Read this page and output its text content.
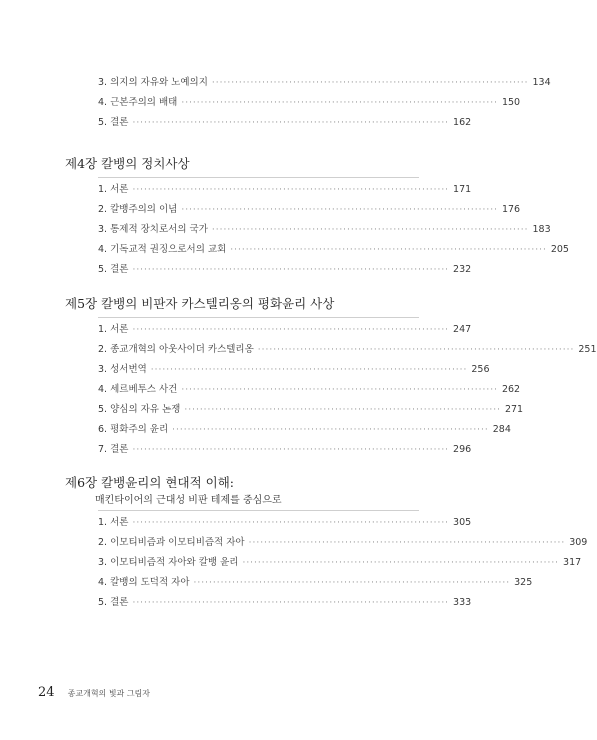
3. 의지의 자유와 노예의지 ·················································································· 134
4. 근본주의의 배태 ·················································································· 150
5. 결론 ·················································································· 162
제4장 칼뱅의 정치사상
1. 서론 ·················································································· 171
2. 칼뱅주의의 이념 ·················································································· 176
3. 통제적 장치로서의 국가 ·················································································· 183
4. 기독교적 권징으로서의 교회 ·················································································· 205
5. 결론 ·················································································· 232
제5장 칼뱅의 비판자 카스텔리옹의 평화윤리 사상
1. 서론 ·················································································· 247
2. 종교개혁의 아웃사이더 카스텔리옹 ·················································································· 251
3. 성서번역 ·················································································· 256
4. 세르베투스 사건 ·················································································· 262
5. 양심의 자유 논쟁 ·················································································· 271
6. 평화주의 윤리 ·················································································· 284
7. 결론 ·················································································· 296
제6장 칼뱅윤리의 현대적 이해:
매킨타이어의 근대성 비판 테제를 중심으로
1. 서론 ·················································································· 305
2. 이모티비즘과 이모티비즘적 자아 ·················································································· 309
3. 이모티비즘적 자아와 칼뱅 윤리 ·················································································· 317
4. 칼뱅의 도덕적 자아 ·················································································· 325
5. 결론 ·················································································· 333
24 종교개혁의 빛과 그림자
